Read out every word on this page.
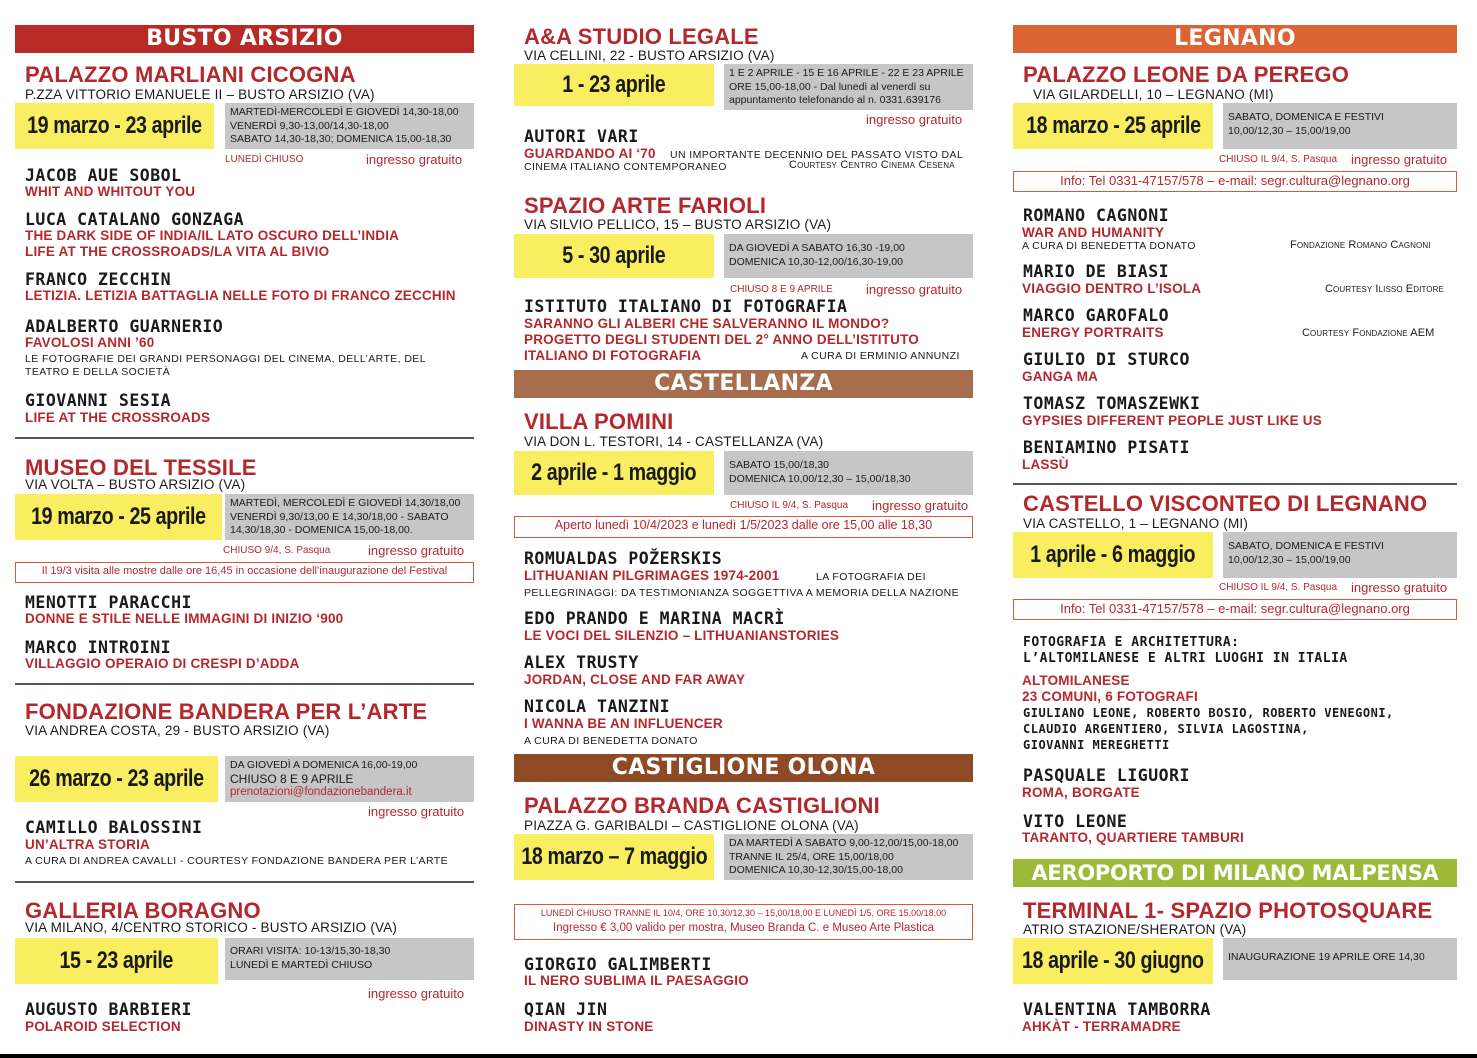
BUSTO ARSIZIO
PALAZZO MARLIANI CICOGNA
P.ZZA VITTORIO EMANUELE II – BUSTO ARSIZIO (VA)
19 marzo - 23 aprile	MARTEDÌ-MERCOLEDÌ E GIOVEDÌ 14,30-18,00
VENERDÌ 9,30-13,00/14,30-18,00
SABATO 14,30-18,30; DOMENICA 15,00-18,30
LUNEDÌ CHIUSO	ingresso gratuito
JACOB AUE SOBOL
WHIT AND WHITOUT YOU
LUCA CATALANO GONZAGA
THE DARK SIDE OF INDIA/IL LATO OSCURO DELL’INDIA
LIFE AT THE CROSSROADS/LA VITA AL BIVIO
FRANCO ZECCHIN
LETIZIA. LETIZIA BATTAGLIA NELLE FOTO DI FRANCO ZECCHIN
ADALBERTO GUARNERIO
FAVOLOSI ANNI ’60
LE FOTOGRAFIE DEI GRANDI PERSONAGGI DEL CINEMA, DELL’ARTE, DEL
TEATRO E DELLA SOCIETÀ
GIOVANNI SESIA
LIFE AT THE CROSSROADS
MUSEO DEL TESSILE
VIA VOLTA – BUSTO ARSIZIO (VA)
19 marzo - 25 aprile MARTEDÌ, MERCOLEDÌ E GIOVEDÌ 14,30/18,00
VENERDÌ 9,30/13,00 E 14,30/18,00 - SABATO
14,30/18,30 - DOMENICA 15,00-18,00.
CHIUSO 9/4, S. Pasqua	ingresso gratuito
Il 19/3 visita alle mostre dalle ore 16,45 in occasione dell’inaugurazione del Festival
MENOTTI PARACCHI
DONNE E STILE NELLE IMMAGINI DI INIZIO ‘900
MARCO INTROINI
VILLAGGIO OPERAIO DI CRESPI D’ADDA
FONDAZIONE BANDERA PER L’ARTE
VIA ANDREA COSTA, 29 - BUSTO ARSIZIO (VA)
26 marzo - 23 aprile	DA GIOVEDÌ A DOMENICA 16,00-19,00
CHIUSO 8 E 9 APRILE
prenotazioni@fondazionebandera.it
ingresso gratuito
CAMILLO BALOSSINI
UN’ALTRA STORIA
A CURA DI ANDREA CAVALLI - COURTESY FONDAZIONE BANDERA PER L’ARTE
GALLERIA BORAGNO
VIA MILANO, 4/CENTRO STORICO - BUSTO ARSIZIO (VA)
15 - 23 aprile	ORARI VISITA: 10-13/15,30-18,30
LUNEDÌ E MARTEDÌ CHIUSO
ingresso gratuito
AUGUSTO BARBIERI
POLAROID SELECTION
A&A STUDIO LEGALE
VIA CELLINI, 22 - BUSTO ARSIZIO (VA)
1 - 23 aprile	1 E 2 APRILE - 15 E 16 APRILE - 22 E 23 APRILE
ORE 15,00-18,00 - Dal lunedì al venerdì su
appuntamento telefonando al n. 0331.639176
ingresso gratuito
AUTORI VARI
GUARDANDO AI ‘70 UN IMPORTANTE DECENNIO DEL PASSATO VISTO DAL
CINEMA ITALIANO CONTEMPORANEO	Courtesy Centro Cinema Cesena
SPAZIO ARTE FARIOLI
VIA SILVIO PELLICO, 15 – BUSTO ARSIZIO (VA)
5 - 30 aprile	DA GIOVEDÌ A SABATO 16,30 -19,00
DOMENICA 10,30-12,00/16,30-19,00
CHIUSO 8 E 9 APRILE	ingresso gratuito
ISTITUTO ITALIANO DI FOTOGRAFIA
SARANNO GLI ALBERI CHE SALVERANNO IL MONDO?
PROGETTO DEGLI STUDENTI DEL 2° ANNO DELL’ISTITUTO
ITALIANO DI FOTOGRAFIA	A CURA DI ERMINIO ANNUNZI
CASTELLANZA
VILLA POMINI
VIA DON L. TESTORI, 14 - CASTELLANZA (VA)
2 aprile - 1 maggio	SABATO 15,00/18,30
DOMENICA 10,00/12,30 – 15,00/18,30
CHIUSO IL 9/4, S. Pasqua ingresso gratuito
Aperto lunedì 10/4/2023 e lunedì 1/5/2023 dalle ore 15,00 alle 18,30
ROMUALDAS POŽERSKIS
LITHUANIAN PILGRIMAGES 1974-2001	LA FOTOGRAFIA DEI
PELLEGRINAGGI: DA TESTIMONIANZA SOGGETTIVA A MEMORIA DELLA NAZIONE
EDO PRANDO E MARINA MACRÌ
LE VOCI DEL SILENZIO – LITHUANIANSTORIES
ALEX TRUSTY
JORDAN, CLOSE AND FAR AWAY
NICOLA TANZINI
I WANNA BE AN INFLUENCER
A CURA DI BENEDETTA DONATO
CASTIGLIONE OLONA
PALAZZO BRANDA CASTIGLIONI
PIAZZA G. GARIBALDI – CASTIGLIONE OLONA (VA)
18 marzo – 7 maggio DA MARTEDÌ A SABATO 9,00-12,00/15,00-18,00
TRANNE IL 25/4, ORE 15,00/18,00
DOMENICA 10,30-12,30/15,00-18,00
LUNEDÌ CHIUSO TRANNE IL 10/4, ORE 10,30/12,30 – 15,00/18,00 E LUNEDÌ 1/5, ORE 15,00/18,00
Ingresso € 3,00 valido per mostra, Museo Branda C. e Museo Arte Plastica
GIORGIO GALIMBERTI
IL NERO SUBLIMA IL PAESAGGIO
QIAN JIN
DINASTY IN STONE
LEGNANO
PALAZZO LEONE DA PEREGO
VIA GILARDELLI, 10 – LEGNANO (MI)
18 marzo - 25 aprile	SABATO, DOMENICA E FESTIVI
10,00/12,30 – 15,00/19,00
CHIUSO IL 9/4, S. Pasqua ingresso gratuito
Info: Tel 0331-47157/578 – e-mail: segr.cultura@legnano.org
ROMANO CAGNONI
WAR AND HUMANITY
A CURA DI BENEDETTA DONATO	Fondazione Romano Cagnoni
MARIO DE BIASI
VIAGGIO DENTRO L’ISOLA	Courtesy Ilisso Editore
MARCO GAROFALO
ENERGY PORTRAITS	Courtesy Fondazione AEM
GIULIO DI STURCO
GANGA MA
TOMASZ TOMASZEWKI
GYPSIES DIFFERENT PEOPLE JUST LIKE US
BENIAMINO PISATI
LASSÙ
CASTELLO VISCONTEO DI LEGNANO
VIA CASTELLO, 1 – LEGNANO (MI)
1 aprile - 6 maggio	SABATO, DOMENICA E FESTIVI
10,00/12,30 – 15,00/19,00
CHIUSO IL 9/4, S. Pasqua ingresso gratuito
Info: Tel 0331-47157/578 – e-mail: segr.cultura@legnano.org
FOTOGRAFIA E ARCHITETTURA:
L’ALTOMILANESE E ALTRI LUOGHI IN ITALIA
ALTOMILANESE
23 COMUNI, 6 FOTOGRAFI
GIULIANO LEONE, ROBERTO BOSIO, ROBERTO VENEGONI,
CLAUDIO ARGENTIERO, SILVIA LAGOSTINA,
GIOVANNI MEREGHETTI
PASQUALE LIGUORI
ROMA, BORGATE
VITO LEONE
TARANTO, QUARTIERE TAMBURI
AEROPORTO DI MILANO MALPENSA
TERMINAL 1- SPAZIO PHOTOSQUARE
ATRIO STAZIONE/SHERATON (VA)
18 aprile - 30 giugno INAUGURAZIONE 19 APRILE ORE 14,30
VALENTINA TAMBORRA
AHKÀT - TERRAMADRE
